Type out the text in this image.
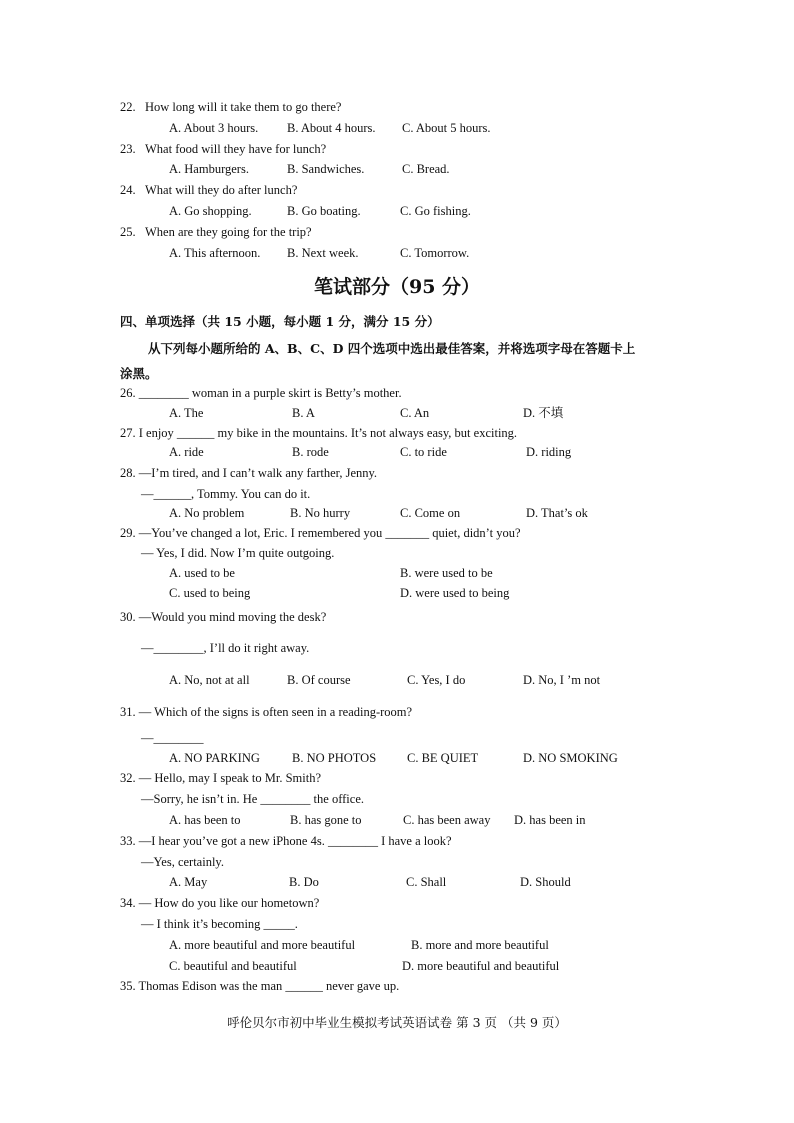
22. How long will it take them to go there?
A. About 3 hours. B. About 4 hours. C. About 5 hours.
23. What food will they have for lunch?
A. Hamburgers.	B. Sandwiches.	C. Bread.
24. What will they do after lunch?
A. Go shopping.	B. Go boating.	C. Go fishing.
25. When are they going for the trip?
A. This afternoon. B. Next week.	C. Tomorrow.
笔试部分（95 分）
四、单项选择（共 15 小题，每小题 1 分，满分 15 分）
从下列每小题所给的 A、B、C、D 四个选项中选出最佳答案，并将选项字母在答题卡上
涂黑。
26. ________ woman in a purple skirt is Betty’s mother.
A. The	B. A	C. An	D. 不填
27. I enjoy ______ my bike in the mountains. It’s not always easy, but exciting.
A. ride	B. rode	C. to ride	D. riding
28. —I’m tired, and I can’t walk any farther, Jenny.
—______, Tommy. You can do it.
A. No problem	B. No hurry	C. Come on	D. That’s ok
29. —You’ve changed a lot, Eric. I remembered you _______ quiet, didn’t you?
— Yes, I did. Now I’m quite outgoing.
A. used to be	B. were used to be
C. used to being	D. were used to being
30. —Would you mind moving the desk?
—________, I’ll do it right away.
A. No, not at all	B. Of course	C. Yes, I do	D. No, I ’m not
31. — Which of the signs is often seen in a reading-room?
—________
A. NO PARKING	B. NO PHOTOS C. BE QUIET	D. NO SMOKING
32. — Hello, may I speak to Mr. Smith?
—Sorry, he isn’t in. He ________ the office.
A. has been to	B. has gone to	C. has been away D. has been in
33. —I hear you’ve got a new iPhone 4s. ________ I have a look?
—Yes, certainly.
A. May	B. Do	C. Shall	D. Should
34. — How do you like our hometown?
— I think it’s becoming _____.
A. more beautiful and more beautiful	B. more and more beautiful
C. beautiful and beautiful	D. more beautiful and beautiful
35. Thomas Edison was the man ______ never gave up.
呼伦贝尔市初中毕业生模拟考试英语试卷 第 3 页 （共 9 页）
